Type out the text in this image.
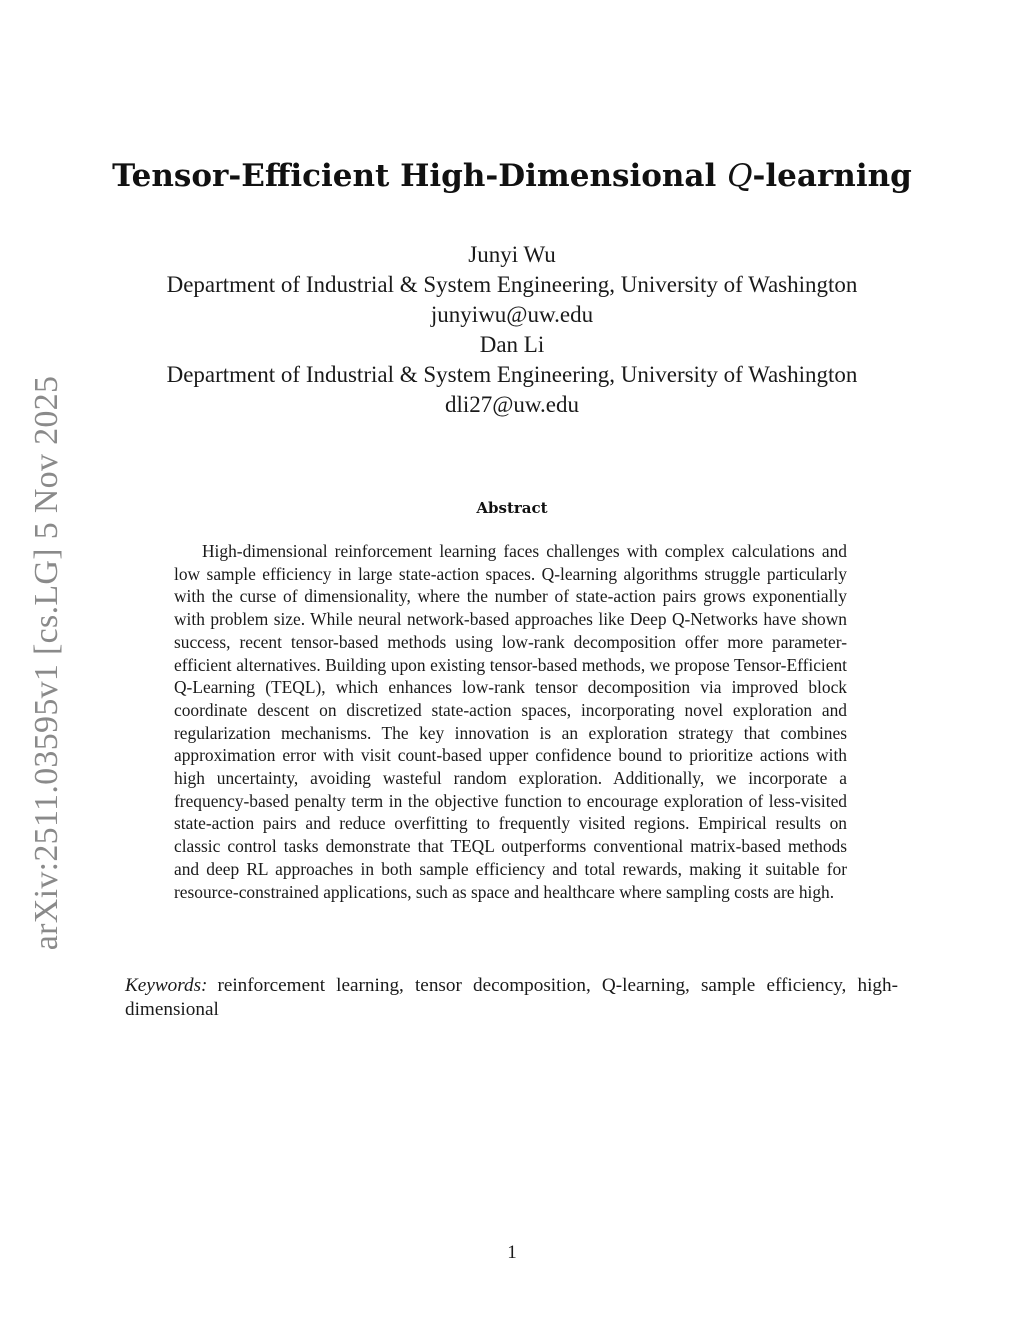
arXiv:2511.03595v1 [cs.LG] 5 Nov 2025
Tensor-Efficient High-Dimensional Q-learning
Junyi Wu
Department of Industrial & System Engineering, University of Washington
junyiwu@uw.edu
Dan Li
Department of Industrial & System Engineering, University of Washington
dli27@uw.edu
Abstract

High-dimensional reinforcement learning faces challenges with complex calculations and low sample efficiency in large state-action spaces. Q-learning algorithms struggle particularly with the curse of dimensionality, where the number of state-action pairs grows exponentially with problem size. While neural network-based approaches like Deep Q-Networks have shown success, recent tensor-based methods using low-rank decomposition offer more parameter-efficient alternatives. Building upon existing tensor-based methods, we propose Tensor-Efficient Q-Learning (TEQL), which enhances low-rank tensor decomposition via improved block coordinate descent on discretized state-action spaces, incorporating novel exploration and regularization mechanisms. The key innovation is an exploration strategy that combines approximation error with visit count-based upper confidence bound to prioritize actions with high uncertainty, avoiding wasteful random exploration. Additionally, we incorporate a frequency-based penalty term in the objective function to encourage exploration of less-visited state-action pairs and reduce overfitting to frequently visited regions. Empirical results on classic control tasks demonstrate that TEQL outperforms conventional matrix-based methods and deep RL approaches in both sample efficiency and total rewards, making it suitable for resource-constrained applications, such as space and healthcare where sampling costs are high.

Keywords: reinforcement learning, tensor decomposition, Q-learning, sample efficiency, high-dimensional

1
